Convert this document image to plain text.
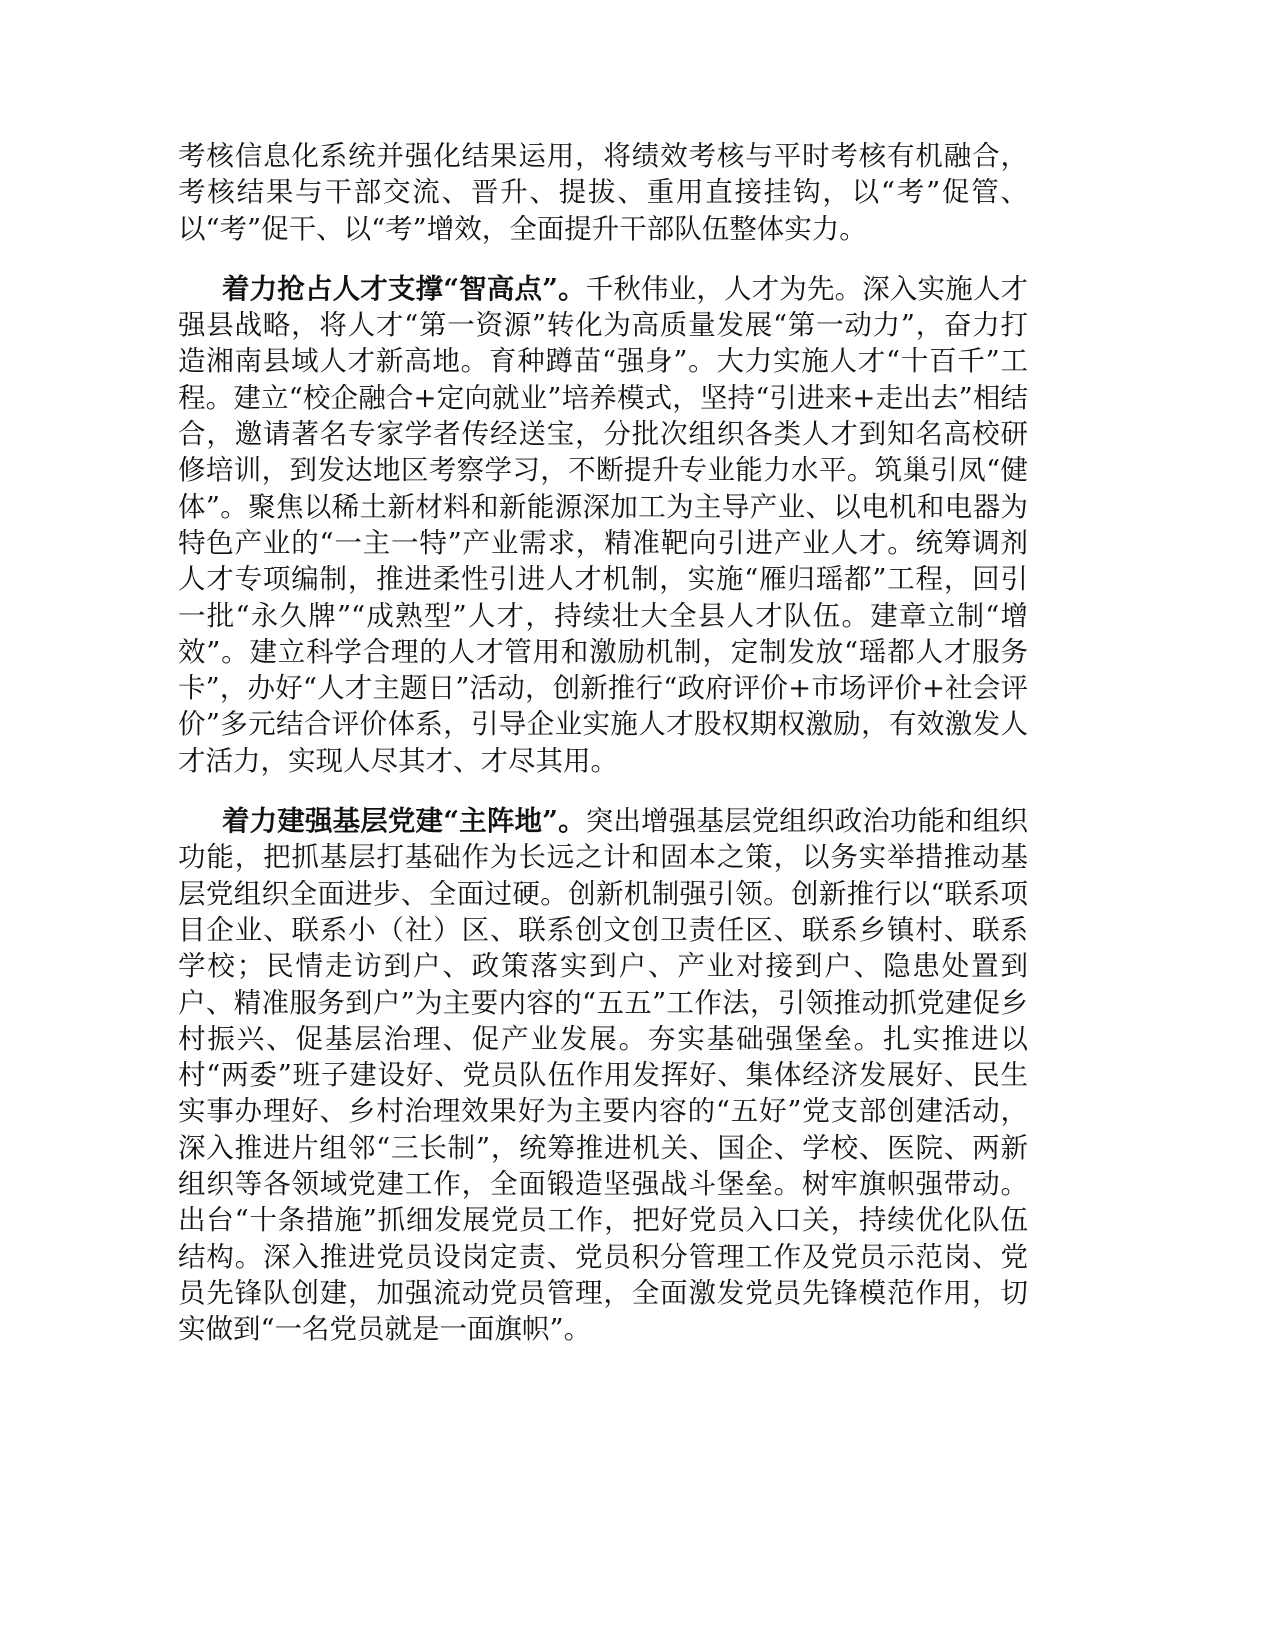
考核信息化系统并强化结果运用，将绩效考核与平时考核有机融合，考核结果与干部交流、晋升、提拔、重用直接挂钩，以“考”促管、以“考”促干、以“考”增效，全面提升干部队伍整体实力。

着力抢占人才支撑“智高点”。千秋伟业，人才为先。深入实施人才强县战略，将人才“第一资源”转化为高质量发展“第一动力”，奋力打造湘南县域人才新高地。育种蹲苗“强身”。大力实施人才“十百千”工程。建立“校企融合+定向就业”培养模式，坚持“引进来+走出去”相结合，邀请著名专家学者传经送宝，分批次组织各类人才到知名高校研修培训，到发达地区考察学习，不断提升专业能力水平。筑巢引凤“健体”。聚焦以稀土新材料和新能源深加工为主导产业、以电机和电器为特色产业的“一主一特”产业需求，精准靶向引进产业人才。统筹调剂人才专项编制，推进柔性引进人才机制，实施“雁归瑶都”工程，回引一批“永久牌”“成熟型”人才，持续壮大全县人才队伍。建章立制“增效”。建立科学合理的人才管用和激励机制，定制发放“瑶都人才服务卡”，办好“人才主题日”活动，创新推行“政府评价+市场评价+社会评价”多元结合评价体系，引导企业实施人才股权期权激励，有效激发人才活力，实现人尽其才、才尽其用。

着力建强基层党建“主阵地”。突出增强基层党组织政治功能和组织功能，把抓基层打基础作为长远之计和固本之策，以务实举措推动基层党组织全面进步、全面过硬。创新机制强引领。创新推行以“联系项目企业、联系小（社）区、联系创文创卫责任区、联系乡镇村、联系学校；民情走访到户、政策落实到户、产业对接到户、隐患处置到户、精准服务到户”为主要内容的“五五”工作法，引领推动抓党建促乡村振兴、促基层治理、促产业发展。夯实基础强堡垒。扎实推进以村“两委”班子建设好、党员队伍作用发挥好、集体经济发展好、民生实事办理好、乡村治理效果好为主要内容的“五好”党支部创建活动，深入推进片组邻“三长制”，统筹推进机关、国企、学校、医院、两新组织等各领域党建工作，全面锻造坚强战斗堡垒。树牢旗帜强带动。出台“十条措施”抓细发展党员工作，把好党员入口关，持续优化队伍结构。深入推进党员设岗定责、党员积分管理工作及党员示范岗、党员先锋队创建，加强流动党员管理，全面激发党员先锋模范作用，切实做到“一名党员就是一面旗帜”。
